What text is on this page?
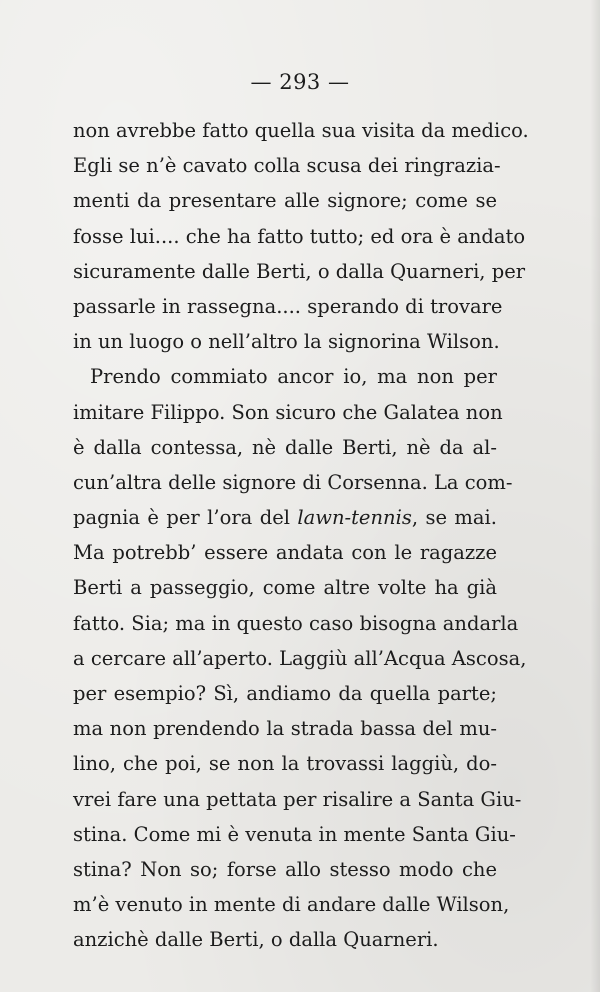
— 293 —
non avrebbe fatto quella sua visita da medico.
Egli se n’è cavato colla scusa dei ringrazia-
menti da presentare alle signore; come se
fosse lui.... che ha fatto tutto; ed ora è andato
sicuramente dalle Berti, o dalla Quarneri, per
passarle in rassegna.... sperando di trovare
in un luogo o nell’altro la signorina Wilson.
Prendo commiato ancor io, ma non per
imitare Filippo. Son sicuro che Galatea non
è dalla contessa, nè dalle Berti, nè da al-
cun’altra delle signore di Corsenna. La com-
pagnia è per l’ora del lawn-tennis, se mai.
Ma potrebb’ essere andata con le ragazze
Berti a passeggio, come altre volte ha già
fatto. Sia; ma in questo caso bisogna andarla
a cercare all’aperto. Laggiù all’Acqua Ascosa,
per esempio? Sì, andiamo da quella parte;
ma non prendendo la strada bassa del mu-
lino, che poi, se non la trovassi laggiù, do-
vrei fare una pettata per risalire a Santa Giu-
stina. Come mi è venuta in mente Santa Giu-
stina? Non so; forse allo stesso modo che
m’è venuto in mente di andare dalle Wilson,
anzichè dalle Berti, o dalla Quarneri.
